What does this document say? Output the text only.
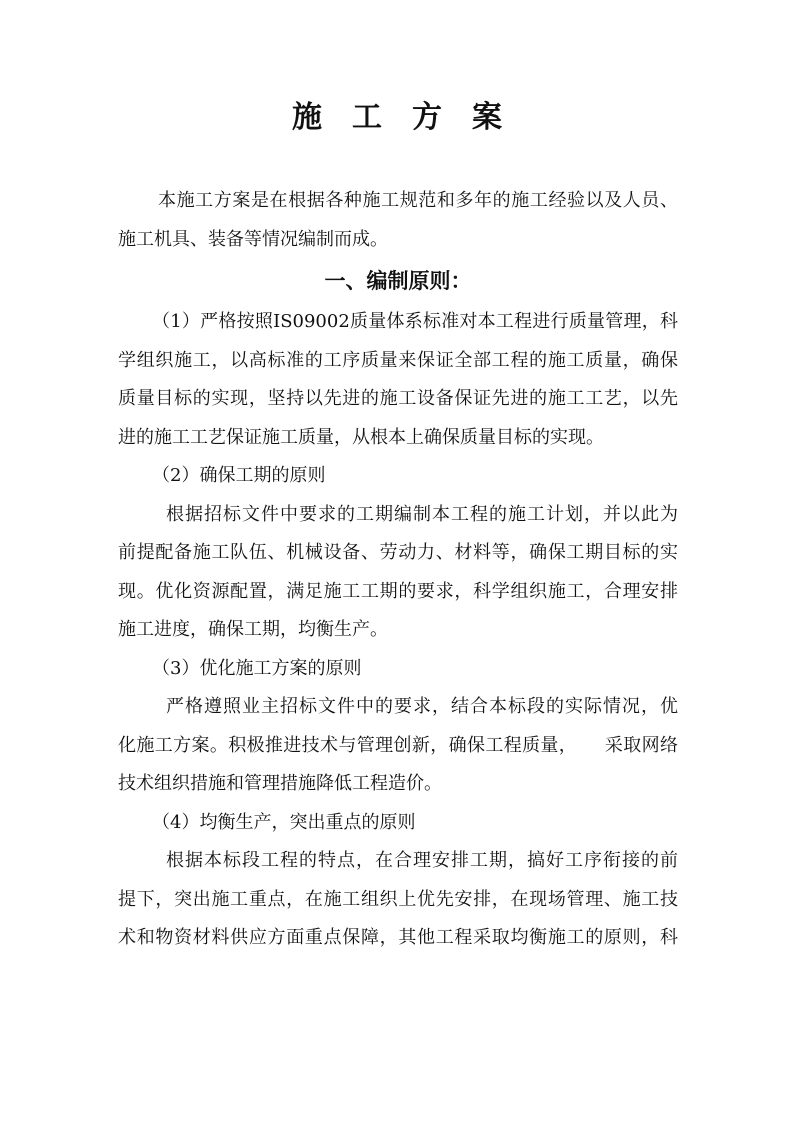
施　工　方　案
本施工方案是在根据各种施工规范和多年的施工经验以及人员、
施工机具、装备等情况编制而成。
一、编制原则：
（1）严格按照IS09002质量体系标准对本工程进行质量管理，科
学组织施工，以高标准的工序质量来保证全部工程的施工质量，确保
质量目标的实现，坚持以先进的施工设备保证先进的施工工艺，以先
进的施工工艺保证施工质量，从根本上确保质量目标的实现。
（2）确保工期的原则
根据招标文件中要求的工期编制本工程的施工计划，并以此为
前提配备施工队伍、机械设备、劳动力、材料等，确保工期目标的实
现。优化资源配置，满足施工工期的要求，科学组织施工，合理安排
施工进度，确保工期，均衡生产。
（3）优化施工方案的原则
严格遵照业主招标文件中的要求，结合本标段的实际情况，优
化施工方案。积极推进技术与管理创新，确保工程质量，　　采取网络
技术组织措施和管理措施降低工程造价。
（4）均衡生产，突出重点的原则
根据本标段工程的特点，在合理安排工期，搞好工序衔接的前
提下，突出施工重点，在施工组织上优先安排，在现场管理、施工技
术和物资材料供应方面重点保障，其他工程采取均衡施工的原则，科
